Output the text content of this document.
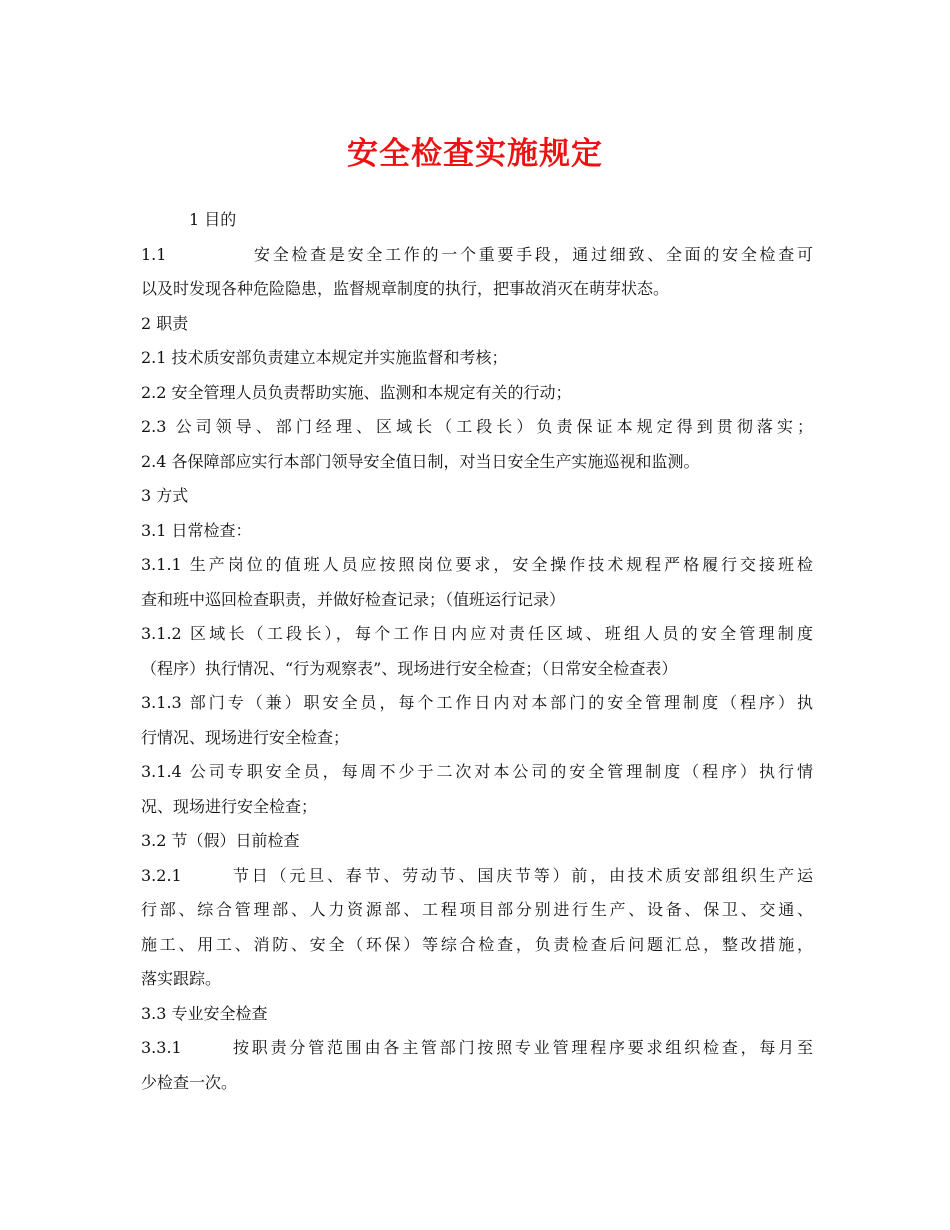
安全检查实施规定
1 目的
1.1	安全检查是安全工作的一个重要手段，通过细致、全面的安全检查可
以及时发现各种危险隐患，监督规章制度的执行，把事故消灭在萌芽状态。
2 职责
2.1 技术质安部负责建立本规定并实施监督和考核；
2.2 安全管理人员负责帮助实施、监测和本规定有关的行动；
2.3 公司领导、部门经理、区域长（工段长）负责保证本规定得到贯彻落实；
2.4 各保障部应实行本部门领导安全值日制，对当日安全生产实施巡视和监测。
3 方式
3.1 日常检查：
3.1.1 生产岗位的值班人员应按照岗位要求，安全操作技术规程严格履行交接班检
查和班中巡回检查职责，并做好检查记录；（值班运行记录）
3.1.2 区域长（工段长），每个工作日内应对责任区域、班组人员的安全管理制度
（程序）执行情况、“行为观察表”、现场进行安全检查；（日常安全检查表）
3.1.3 部门专（兼）职安全员，每个工作日内对本部门的安全管理制度（程序）执
行情况、现场进行安全检查；
3.1.4 公司专职安全员，每周不少于二次对本公司的安全管理制度（程序）执行情
况、现场进行安全检查；
3.2 节（假）日前检查
3.2.1	节日（元旦、春节、劳动节、国庆节等）前，由技术质安部组织生产运
行部、综合管理部、人力资源部、工程项目部分别进行生产、设备、保卫、交通、
施工、用工、消防、安全（环保）等综合检查，负责检查后问题汇总，整改措施，
落实跟踪。
3.3 专业安全检查
3.3.1	按职责分管范围由各主管部门按照专业管理程序要求组织检查，每月至
少检查一次。
